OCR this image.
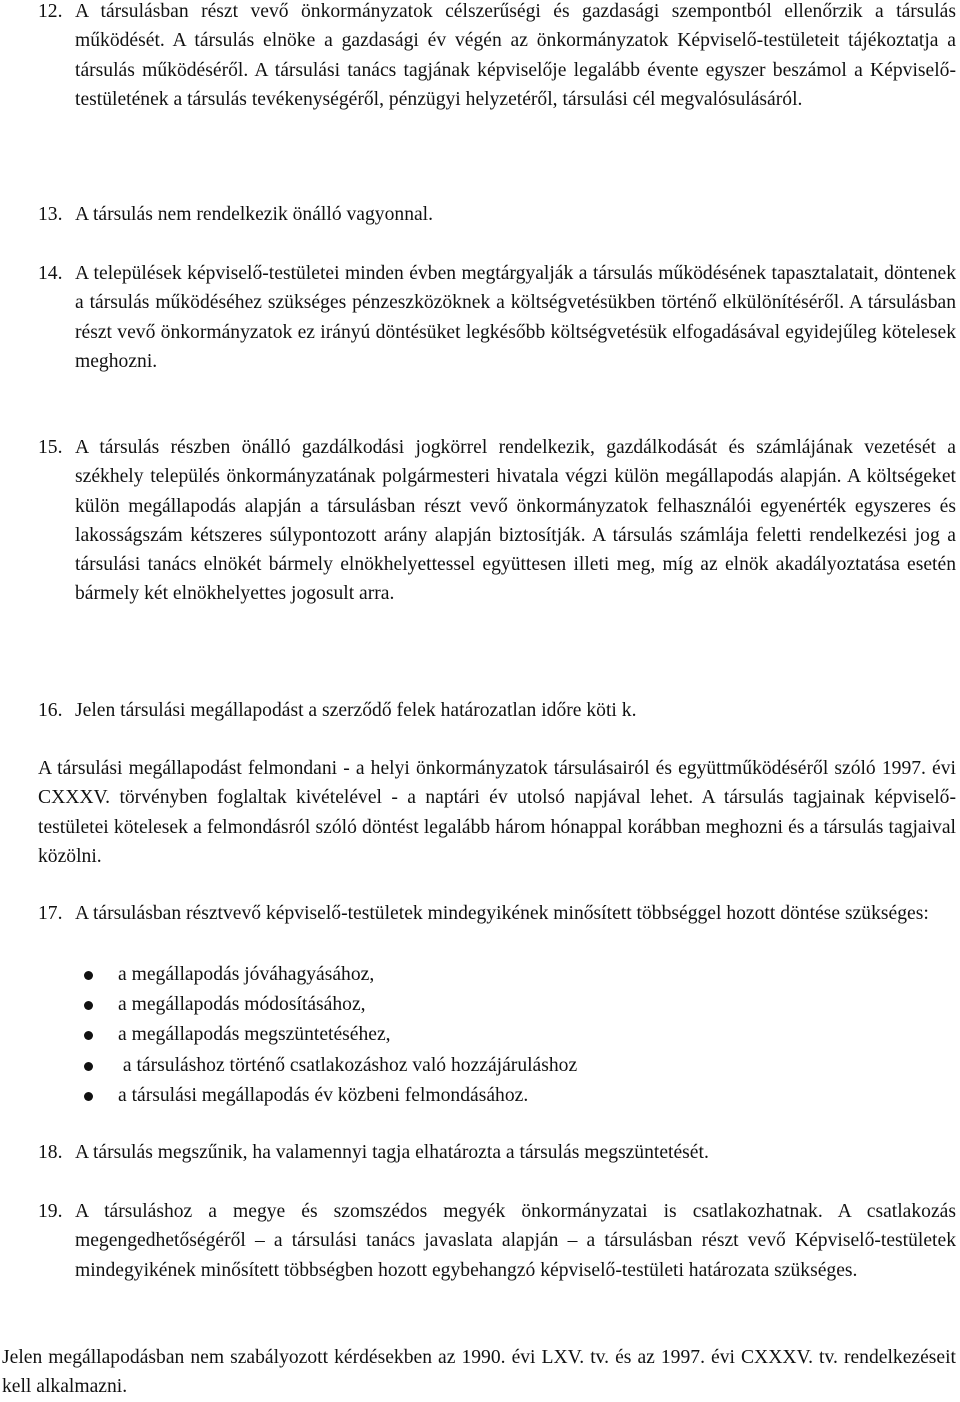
12. A társulásban részt vevő önkormányzatok célszerűségi és gazdasági szempontból ellenőrzik a társulás működését. A társulás elnöke a gazdasági év végén az önkormányzatok Képviselő-testületeit tájékoztatja a társulás működéséről. A társulási tanács tagjának képviselője legalább évente egyszer beszámol a Képviselő-testületének a társulás tevékenységéről, pénzügyi helyzetéről, társulási cél megvalósulásáról.
13. A társulás nem rendelkezik önálló vagyonnal.
14. A települések képviselő-testületei minden évben megtárgyalják a társulás működésének tapasztalatait, döntenek a társulás működéséhez szükséges pénzeszközöknek a költségvetésükben történő elkülönítéséről. A társulásban részt vevő önkormányzatok ez irányú döntésüket legkésőbb költségvetésük elfogadásával egyidejűleg kötelesek meghozni.
15. A társulás részben önálló gazdálkodási jogkörrel rendelkezik, gazdálkodását és számlájának vezetését a székhely település önkormányzatának polgármesteri hivatala végzi külön megállapodás alapján. A költségeket külön megállapodás alapján a társulásban részt vevő önkormányzatok felhasználói egyenérték egyszeres és lakosságszám kétszeres súlypontozott arány alapján biztosítják. A társulás számlája feletti rendelkezési jog a társulási tanács elnökét bármely elnökhelyettessel együttesen illeti meg, míg az elnök akadályoztatása esetén bármely két elnökhelyettes jogosult arra.
16. Jelen társulási megállapodást a szerződő felek határozatlan időre köti k.
A társulási megállapodást felmondani - a helyi önkormányzatok társulásairól és együttműködéséről szóló 1997. évi CXXXV. törvényben foglaltak kivételével - a naptári év utolsó napjával lehet. A társulás tagjainak képviselő-testületei kötelesek a felmondásról szóló döntést legalább három hónappal korábban meghozni és a társulás tagjaival közölni.
17. A társulásban résztvevő képviselő-testületek mindegyikének minősített többséggel hozott döntése szükséges:
a megállapodás jóváhagyásához,
a megállapodás módosításához,
a megállapodás megszüntetéséhez,
a társuláshoz történő csatlakozáshoz való hozzájáruláshoz
a társulási megállapodás év közbeni felmondásához.
18. A társulás megszűnik, ha valamennyi tagja elhatározta a társulás megszüntetését.
19. A társuláshoz a megye és szomszédos megyék önkormányzatai is csatlakozhatnak. A csatlakozás megengedhetőségéről – a társulási tanács javaslata alapján – a társulásban részt vevő Képviselő-testületek mindegyikének minősített többségben hozott egybehangzó képviselő-testületi határozata szükséges.
Jelen megállapodásban nem szabályozott kérdésekben az 1990. évi LXV. tv. és az 1997. évi CXXXV. tv. rendelkezéseit kell alkalmazni.
